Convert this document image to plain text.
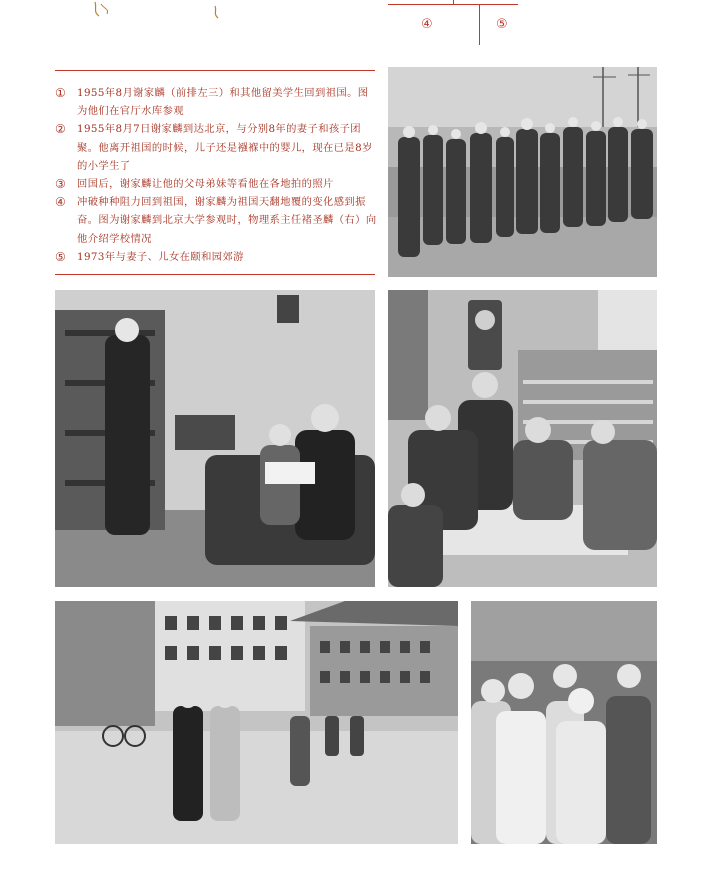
④	⑤
① 1955年8月谢家麟（前排左三）和其他留美学生回到祖国。图为他们在官厅水库参观
② 1955年8月7日谢家麟到达北京，与分别8年的妻子和孩子团聚。他离开祖国的时候，儿子还是襁褓中的婴儿，现在已是8岁的小学生了
③ 回国后，谢家麟让他的父母弟妹等看他在各地拍的照片
④ 冲破种种阻力回到祖国，谢家麟为祖国天翻地覆的变化感到振奋。图为谢家麟到北京大学参观时，物理系主任褚圣麟（右）向他介绍学校情况
⑤ 1973年与妻子、儿女在颐和园郊游
